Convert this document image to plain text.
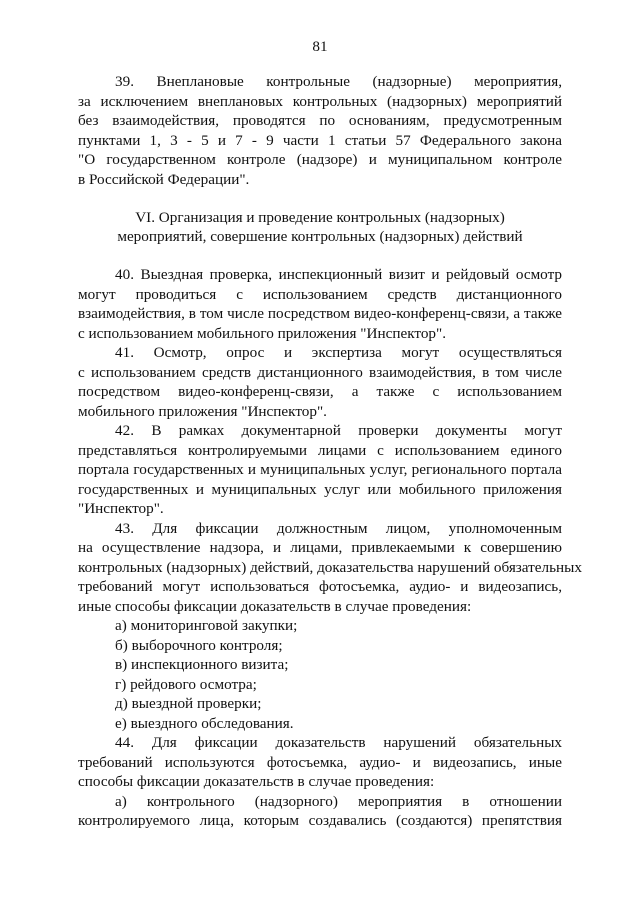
81
39. Внеплановые контрольные (надзорные) мероприятия,
за исключением внеплановых контрольных (надзорных) мероприятий
без взаимодействия, проводятся по основаниям, предусмотренным
пунктами 1, 3 - 5 и 7 - 9 части 1 статьи 57 Федерального закона
"О государственном контроле (надзоре) и муниципальном контроле
в Российской Федерации".
VI. Организация и проведение контрольных (надзорных)
мероприятий, совершение контрольных (надзорных) действий
40. Выездная проверка, инспекционный визит и рейдовый осмотр
могут проводиться с использованием средств дистанционного
взаимодействия, в том числе посредством видео-конференц-связи, а также
с использованием мобильного приложения "Инспектор".
41. Осмотр, опрос и экспертиза могут осуществляться
с использованием средств дистанционного взаимодействия, в том числе
посредством видео-конференц-связи, а также с использованием
мобильного приложения "Инспектор".
42. В рамках документарной проверки документы могут
представляться контролируемыми лицами с использованием единого
портала государственных и муниципальных услуг, регионального портала
государственных и муниципальных услуг или мобильного приложения
"Инспектор".
43. Для фиксации должностным лицом, уполномоченным
на осуществление надзора, и лицами, привлекаемыми к совершению
контрольных (надзорных) действий, доказательства нарушений обязательных
требований могут использоваться фотосъемка, аудио- и видеозапись,
иные способы фиксации доказательств в случае проведения:
а) мониторинговой закупки;
б) выборочного контроля;
в) инспекционного визита;
г) рейдового осмотра;
д) выездной проверки;
е) выездного обследования.
44. Для фиксации доказательств нарушений обязательных
требований используются фотосъемка, аудио- и видеозапись, иные
способы фиксации доказательств в случае проведения:
а) контрольного (надзорного) мероприятия в отношении
контролируемого лица, которым создавались (создаются) препятствия
